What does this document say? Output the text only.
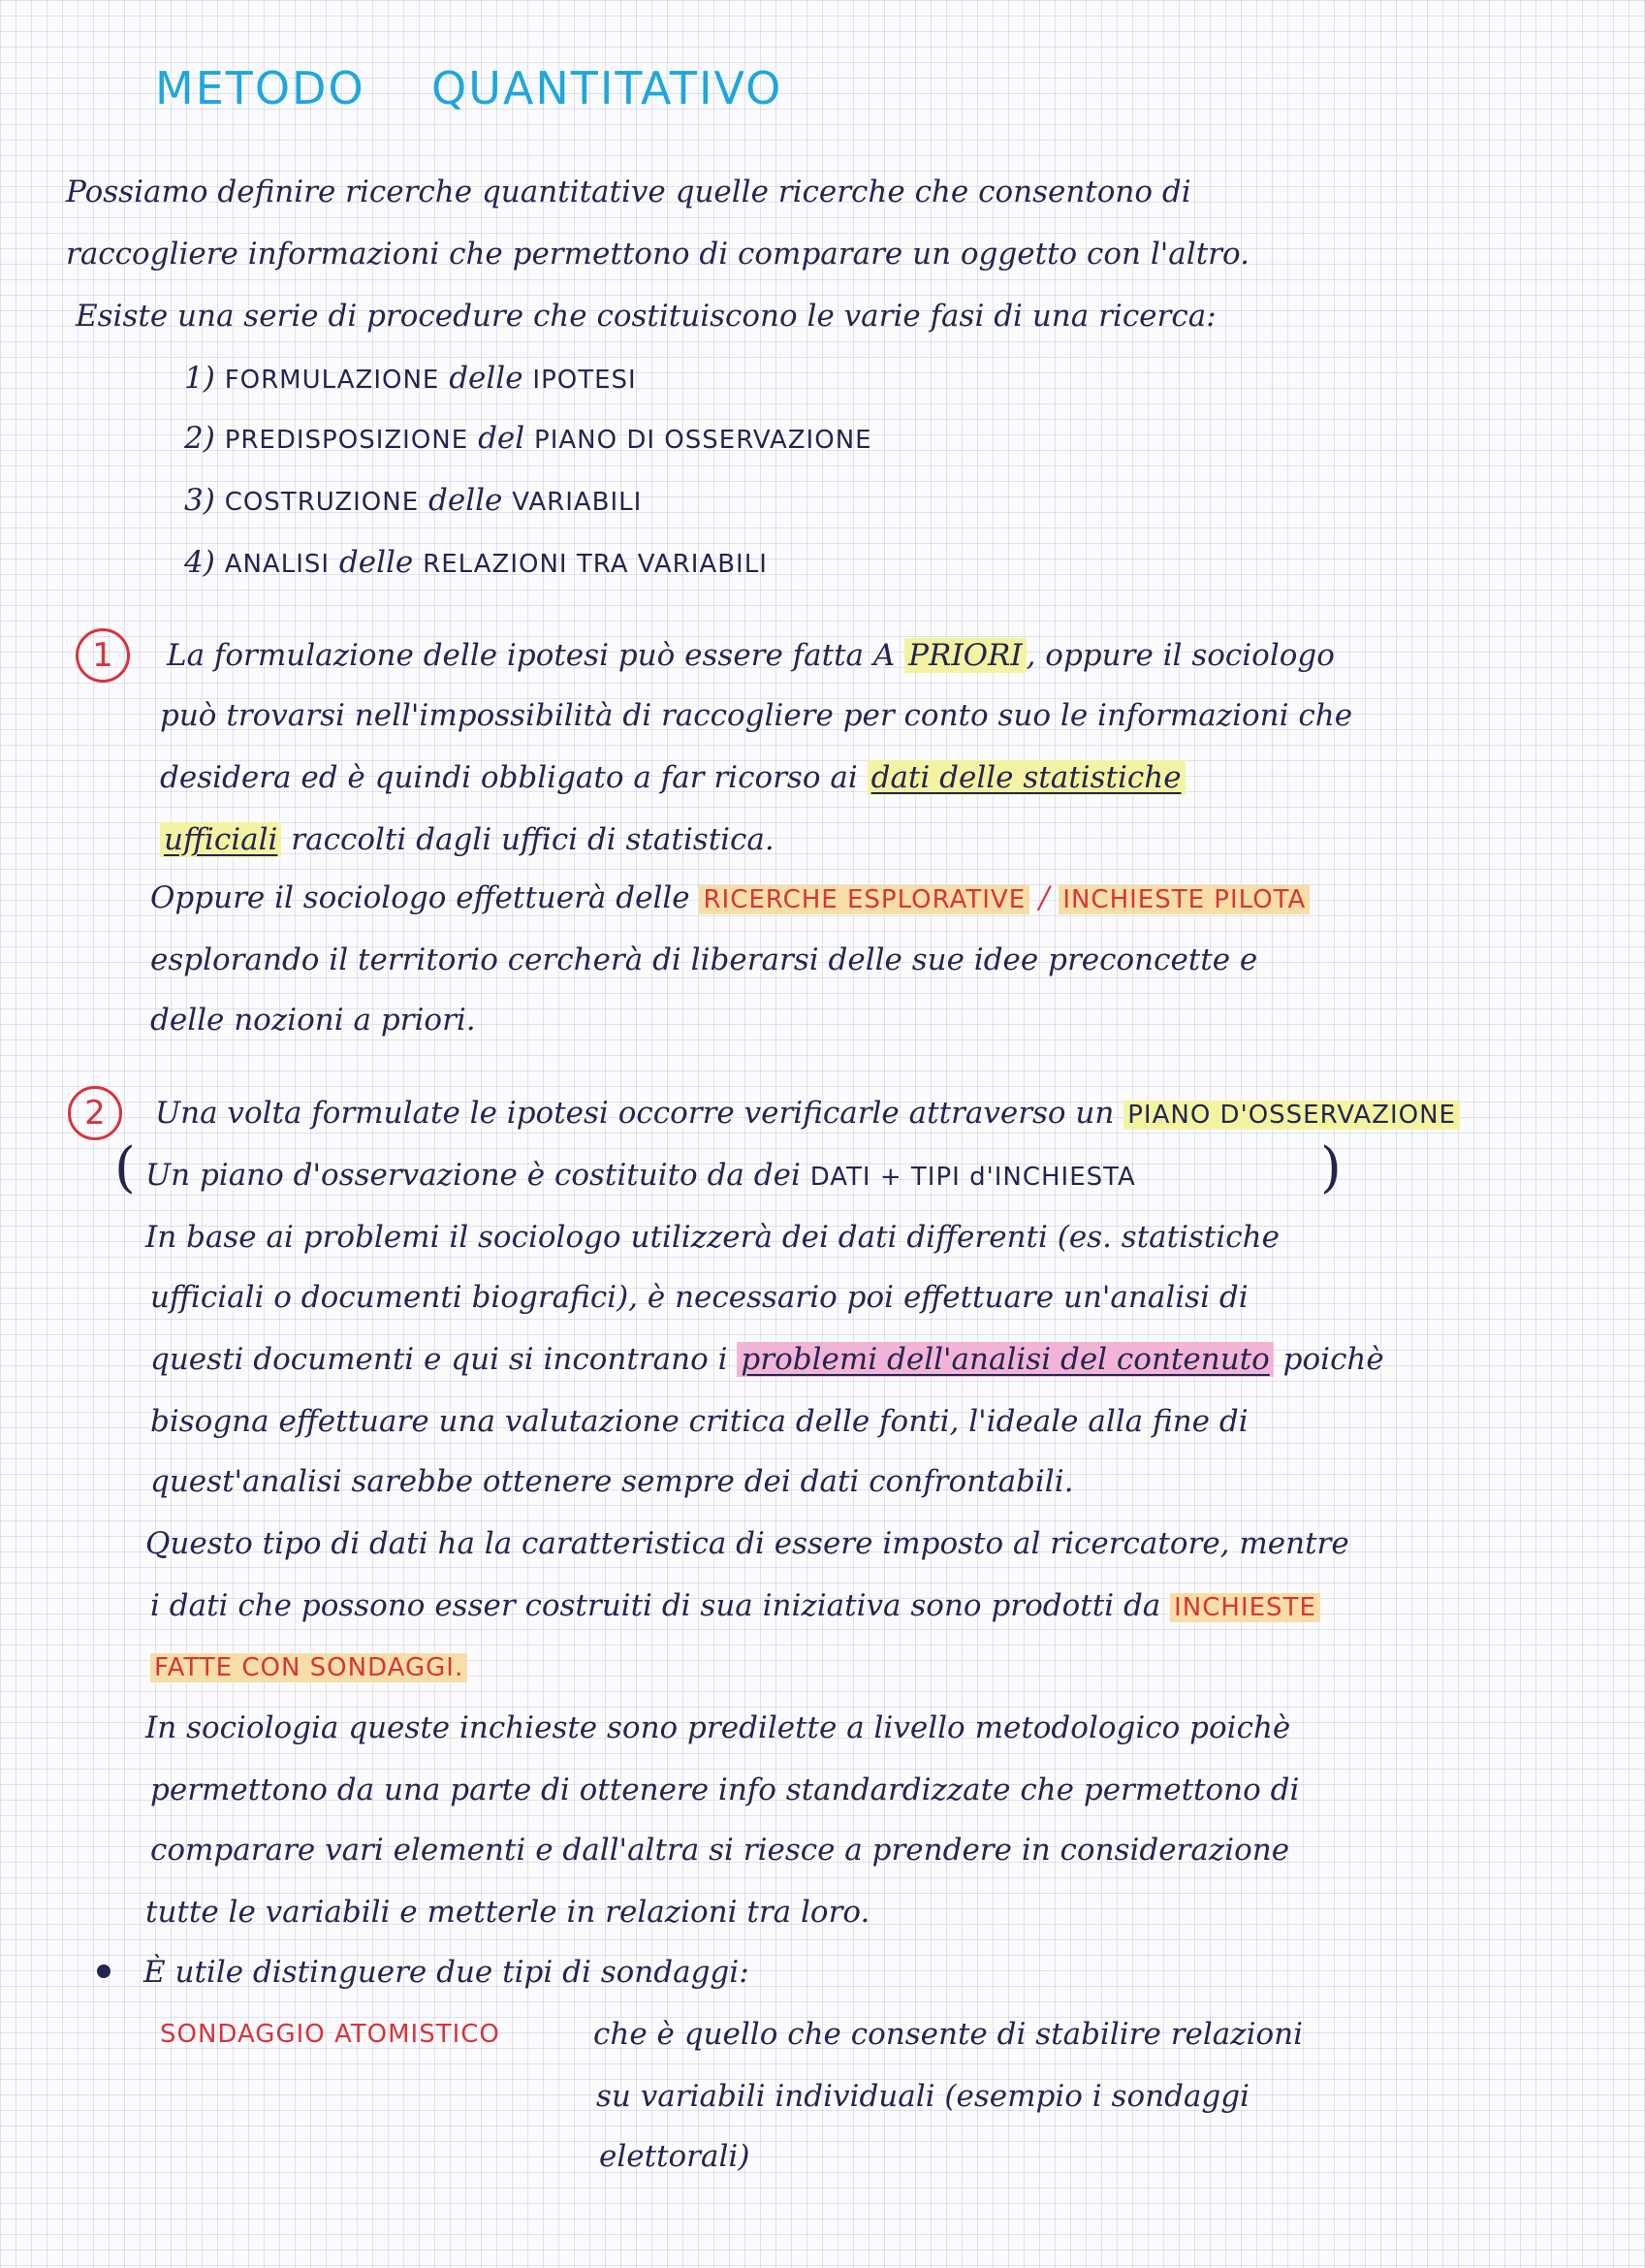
METODO QUANTITATIVO
Possiamo definire ricerche quantitative quelle ricerche che consentono di
raccogliere informazioni che permettono di comparare un oggetto con l'altro.
Esiste una serie di procedure che costituiscono le varie fasi di una ricerca:
1) FORMULAZIONE delle IPOTESI
2) PREDISPOSIZIONE del PIANO DI OSSERVAZIONE
3) COSTRUZIONE delle VARIABILI
4) ANALISI delle RELAZIONI TRA VARIABILI
1	La formulazione delle ipotesi può essere fatta A PRIORI , oppure il sociologo
può trovarsi nell'impossibilità di raccogliere per conto suo le informazioni che
desidera ed è quindi obbligato a far ricorso ai dati delle statistiche
ufficiali raccolti dagli uffici di statistica.
Oppure il sociologo effettuerà delle RICERCHE ESPLORATIVE / INCHIESTE PILOTA
esplorando il territorio cercherà di liberarsi delle sue idee preconcette e
delle nozioni a priori.
2	Una volta formulate le ipotesi occorre verificarle attraverso un PIANO D'OSSERVAZIONE
( Un piano d'osservazione è costituito da dei DATI + TIPI d'INCHIESTA	)
In base ai problemi il sociologo utilizzerà dei dati differenti (es. statistiche
ufficiali o documenti biografici), è necessario poi effettuare un'analisi di
questi documenti e qui si incontrano i problemi dell'analisi del contenuto poichè
bisogna effettuare una valutazione critica delle fonti, l'ideale alla fine di
quest'analisi sarebbe ottenere sempre dei dati confrontabili.
Questo tipo di dati ha la caratteristica di essere imposto al ricercatore, mentre
i dati che possono esser costruiti di sua iniziativa sono prodotti da INCHIESTE
FATTE CON SONDAGGI.
In sociologia queste inchieste sono predilette a livello metodologico poichè
permettono da una parte di ottenere info standardizzate che permettono di
comparare vari elementi e dall'altra si riesce a prendere in considerazione
tutte le variabili e metterle in relazioni tra loro.
È utile distinguere due tipi di sondaggi:
SONDAGGIO ATOMISTICO	che è quello che consente di stabilire relazioni
su variabili individuali (esempio i sondaggi
elettorali)
